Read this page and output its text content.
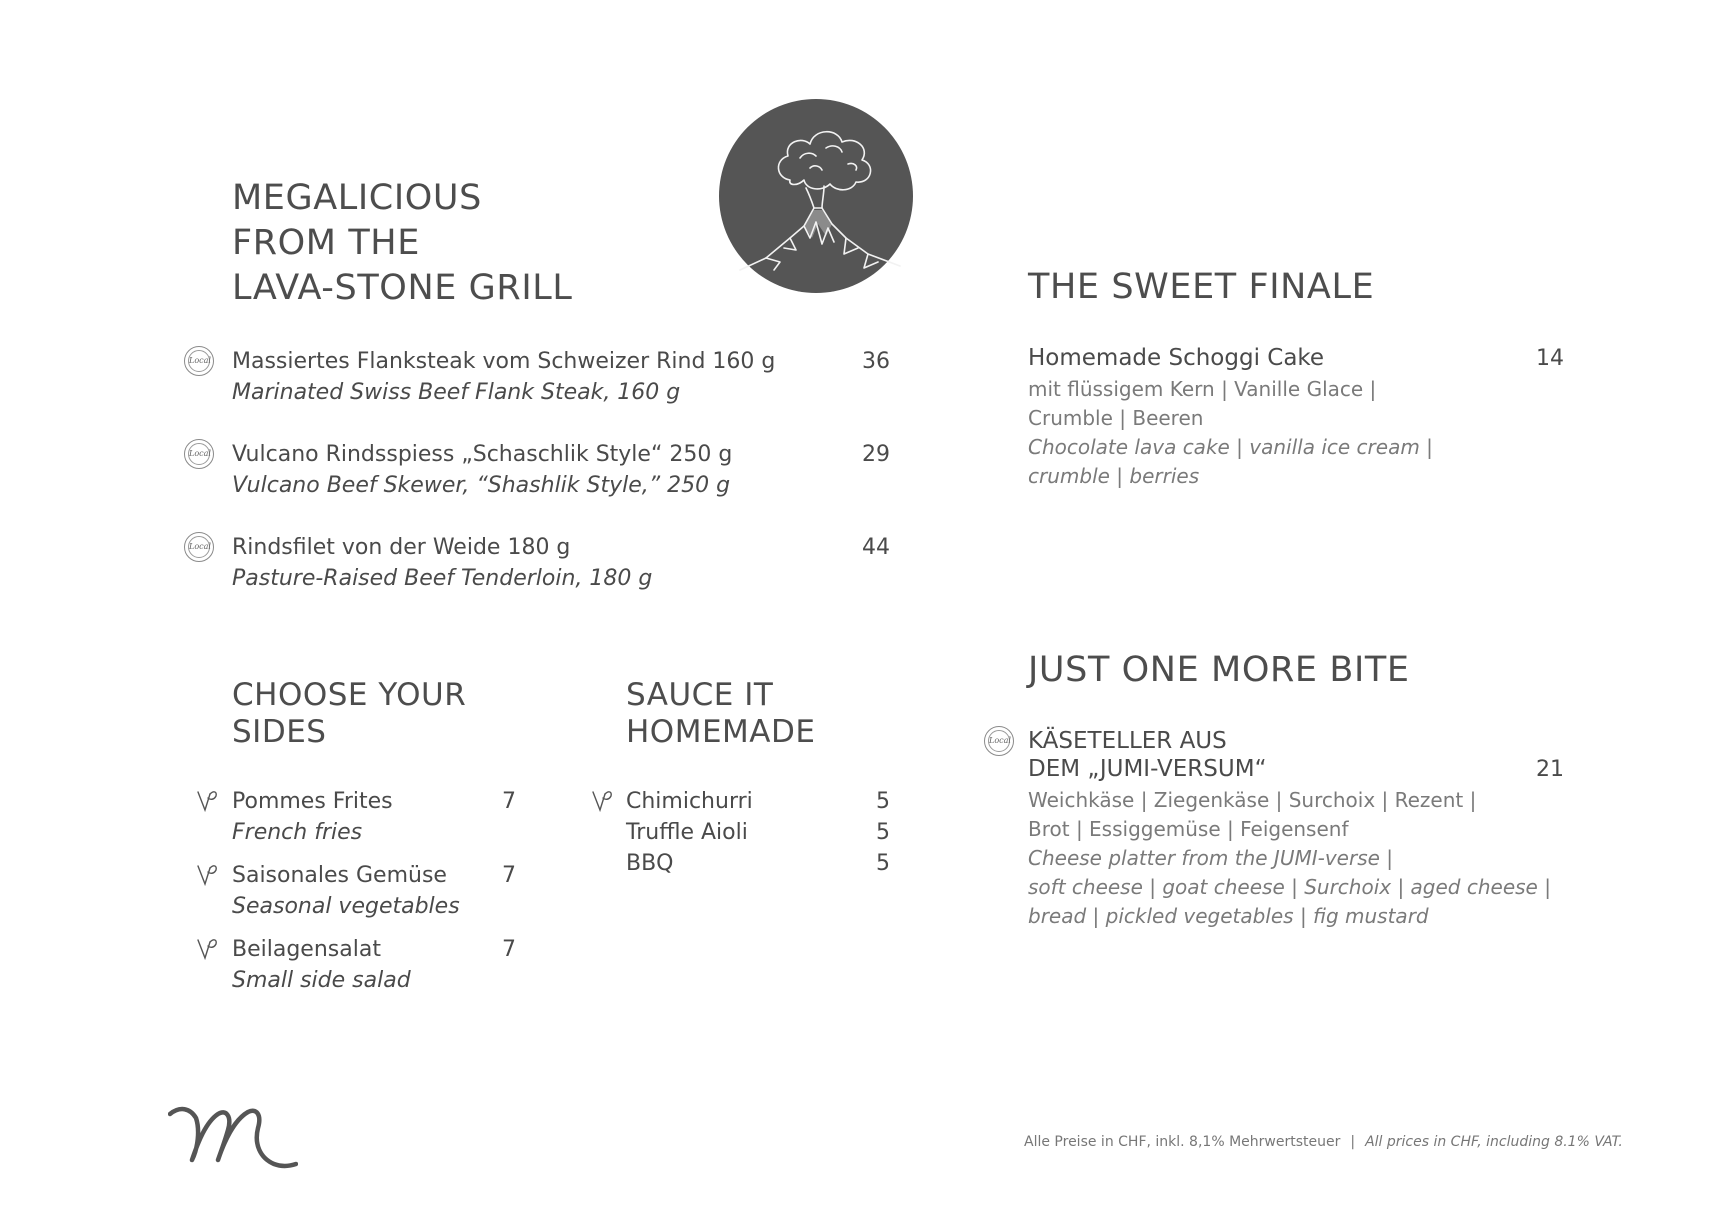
MEGALICIOUS
FROM THE
LAVA-STONE GRILL
Local Massiertes Flanksteak vom Schweizer Rind 160 g	36
Marinated Swiss Beef Flank Steak, 160 g
Local Vulcano Rindsspiess „Schaschlik Style“ 250 g	29
Vulcano Beef Skewer, “Shashlik Style,” 250 g
Local Rindsfilet von der Weide 180 g	44
Pasture-Raised Beef Tenderloin, 180 g
CHOOSE YOUR
SIDES
Pommes Frites	7
French fries
Saisonales Gemüse	7
Seasonal vegetables
Beilagensalat	7
Small side salad
SAUCE IT
HOMEMADE
Chimichurri	5
Truffle Aioli	5
BBQ	5
THE SWEET FINALE
Homemade Schoggi Cake	14
mit flüssigem Kern | Vanille Glace |
Crumble | Beeren
Chocolate lava cake | vanilla ice cream |
crumble | berries
JUST ONE MORE BITE
Local KÄSETELLER AUS
DEM „JUMI-VERSUM“	21
Weichkäse | Ziegenkäse | Surchoix | Rezent |
Brot | Essiggemüse | Feigensenf
Cheese platter from the JUMI-verse |
soft cheese | goat cheese | Surchoix | aged cheese |
bread | pickled vegetables | fig mustard
Alle Preise in CHF, inkl. 8,1% Mehrwertsteuer | All prices in CHF, including 8.1% VAT.
